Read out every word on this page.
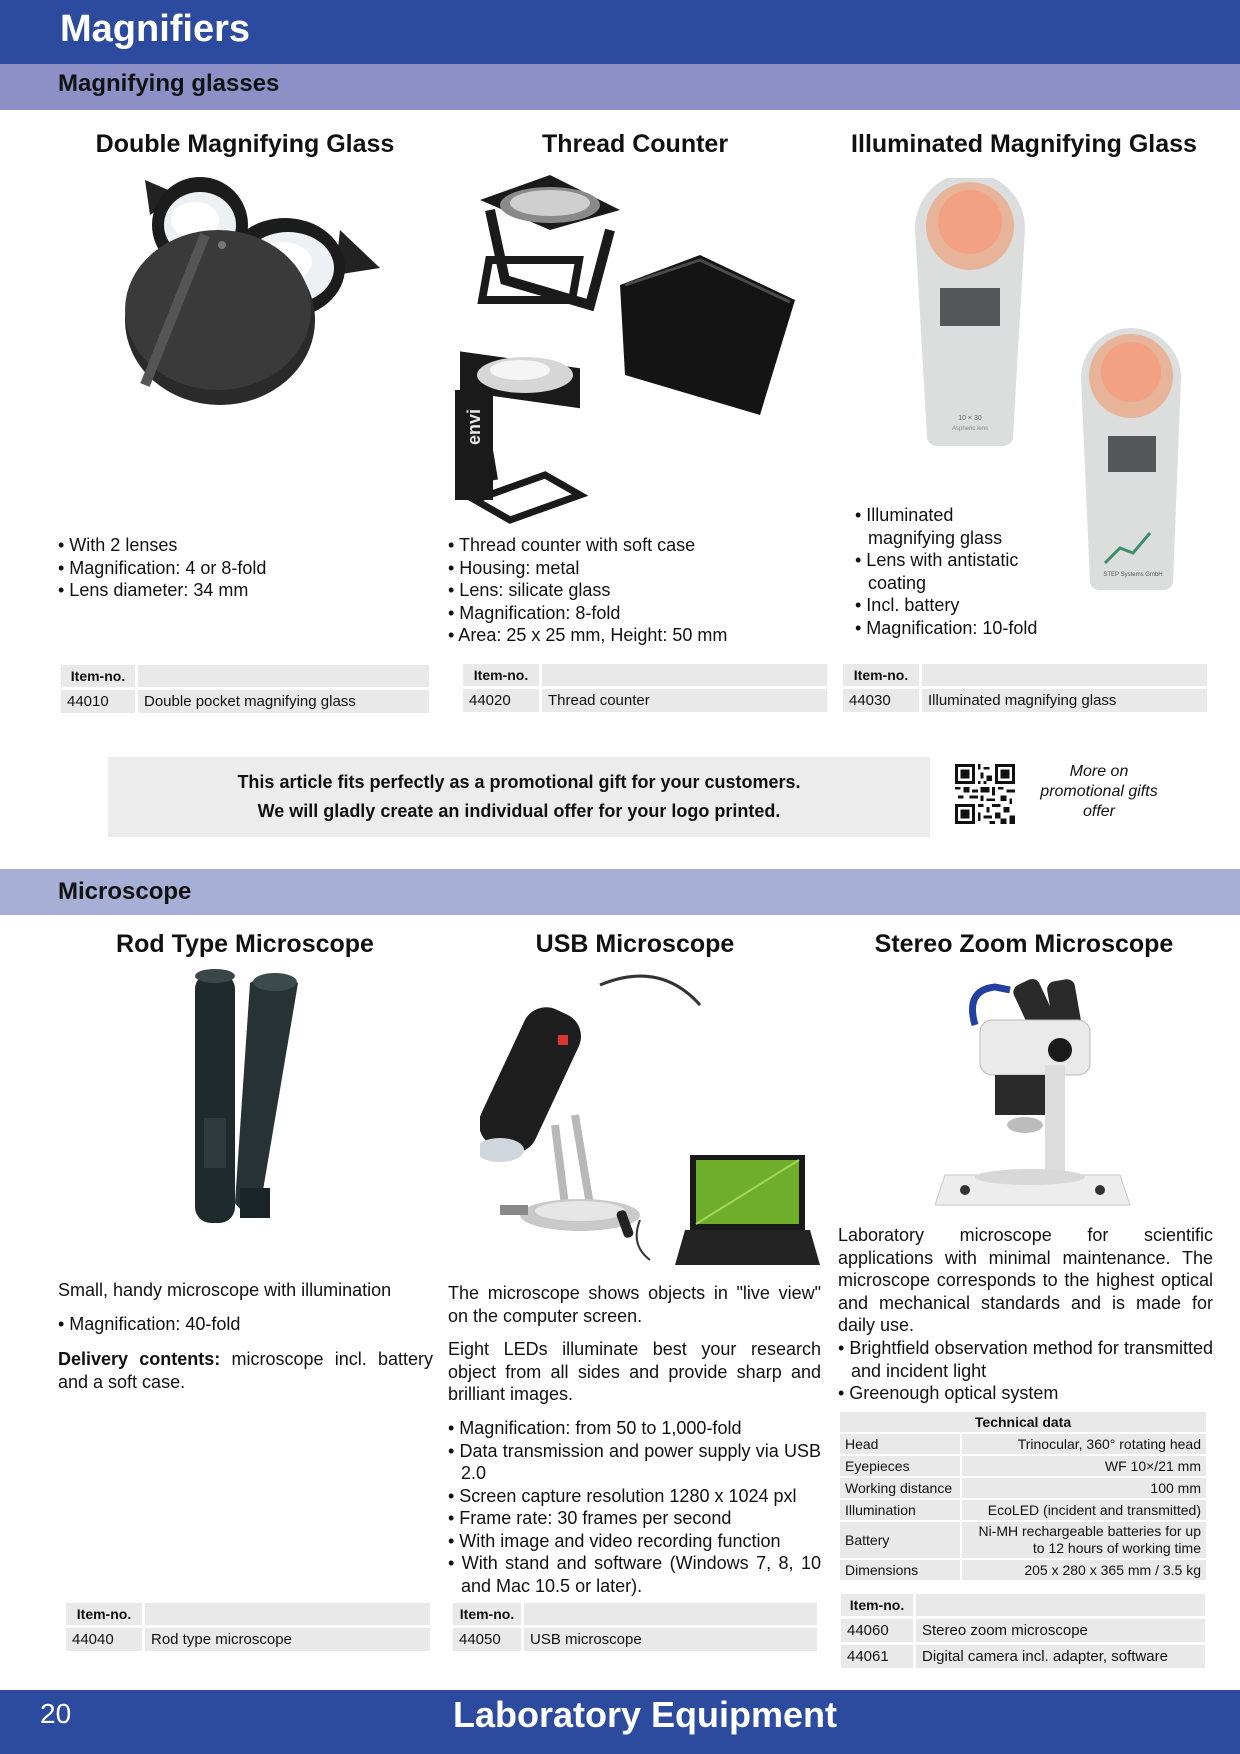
Magnifiers
Magnifying glasses
Double Magnifying Glass
• With 2 lenses
• Magnification: 4 or 8-fold
• Lens diameter: 34 mm
Item-no.	
44010	Double pocket magnifying glass
Thread Counter
envi
• Thread counter with soft case
• Housing: metal
• Lens: silicate glass
• Magnification: 8-fold
• Area: 25 x 25 mm, Height: 50 mm
Item-no.	
44020	Thread counter
Illuminated Magnifying Glass
10 × 30
Aspheric lens
STEP Systems GmbH
• Illuminated magnifying glass
• Lens with antistatic coating
• Incl. battery
• Magnification: 10-fold
Item-no.	
44030	Illuminated magnifying glass
This article fits perfectly as a promotional gift for your customers.
We will gladly create an individual offer for your logo printed.
More on promotional gifts offer
Microscope
Rod Type Microscope
Small, handy microscope with illumination
• Magnification: 40-fold
Delivery contents: microscope incl. battery and a soft case.
Item-no.	
44040	Rod type microscope
USB Microscope
The microscope shows objects in "live view" on the computer screen.
Eight LEDs illuminate best your research object from all sides and provide sharp and brilliant images.
• Magnification: from 50 to 1,000-fold
• Data transmission and power supply via USB 2.0
• Screen capture resolution 1280 x 1024 pxl
• Frame rate: 30 frames per second
• With image and video recording function
• With stand and software (Windows 7, 8, 10 and Mac 10.5 or later).
Item-no.	
44050	USB microscope
Stereo Zoom Microscope
Laboratory microscope for scientific applications with minimal maintenance. The microscope corresponds to the highest optical and mechanical standards and is made for daily use.
• Brightfield observation method for transmitted and incident light
• Greenough optical system
Technical data	
Head	Trinocular, 360° rotating head
Eyepieces	WF 10×/21 mm
Working distance	100 mm
Illumination	EcoLED (incident and transmitted)
Battery	Ni-MH rechargeable batteries for up to 12 hours of working time
Dimensions	205 x 280 x 365 mm / 3.5 kg
Item-no.	
44060	Stereo zoom microscope
44061	Digital camera incl. adapter, software
20	Laboratory Equipment
